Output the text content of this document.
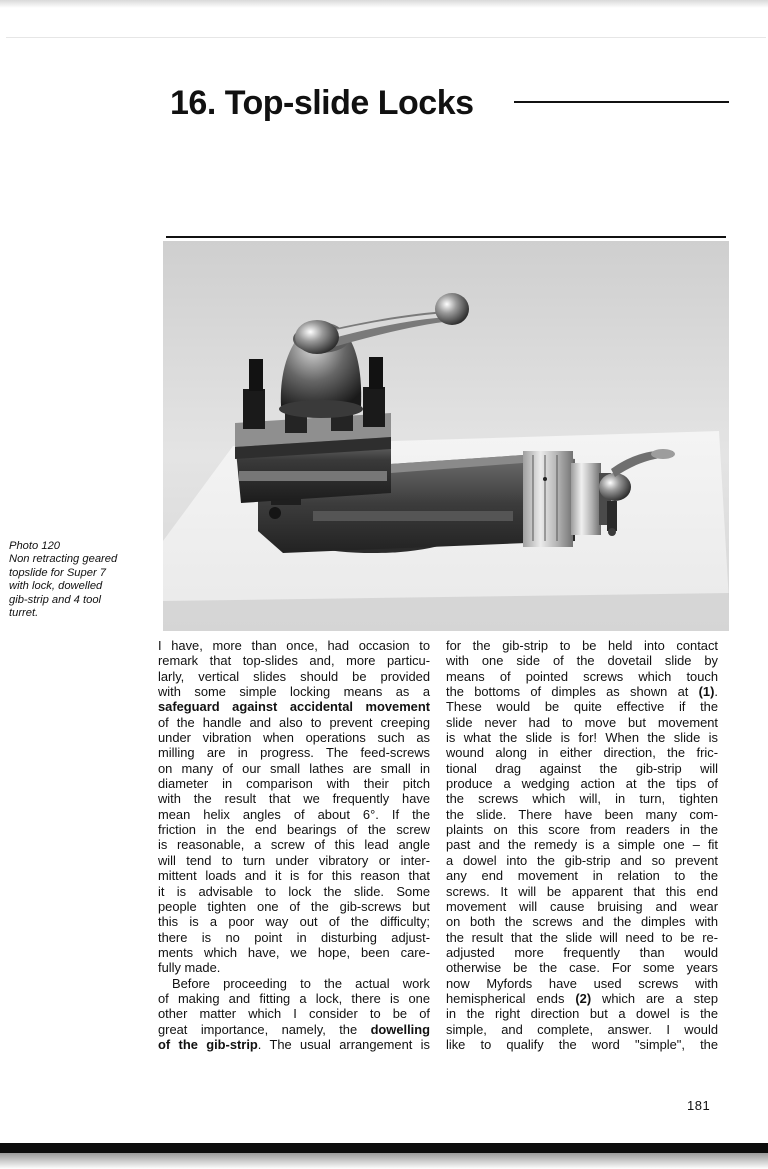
16. Top-slide Locks
Photo 120
Non retracting geared
topslide for Super 7
with lock, dowelled
gib-strip and 4 tool
turret.
I have, more than once, had occasion to
remark that top-slides and, more particu-
larly, vertical slides should be provided
with some simple locking means as a
safeguard against accidental movement
of the handle and also to prevent creeping
under vibration when operations such as
milling are in progress. The feed-screws
on many of our small lathes are small in
diameter in comparison with their pitch
with the result that we frequently have
mean helix angles of about 6°. If the
friction in the end bearings of the screw
is reasonable, a screw of this lead angle
will tend to turn under vibratory or inter-
mittent loads and it is for this reason that
it is advisable to lock the slide. Some
people tighten one of the gib-screws but
this is a poor way out of the difficulty;
there is no point in disturbing adjust-
ments which have, we hope, been care-
fully made.
Before proceeding to the actual work
of making and fitting a lock, there is one
other matter which I consider to be of
great importance, namely, the dowelling
of the gib-strip. The usual arrangement is
for the gib-strip to be held into contact
with one side of the dovetail slide by
means of pointed screws which touch
the bottoms of dimples as shown at (1).
These would be quite effective if the
slide never had to move but movement
is what the slide is for! When the slide is
wound along in either direction, the fric-
tional drag against the gib-strip will
produce a wedging action at the tips of
the screws which will, in turn, tighten
the slide. There have been many com-
plaints on this score from readers in the
past and the remedy is a simple one – fit
a dowel into the gib-strip and so prevent
any end movement in relation to the
screws. It will be apparent that this end
movement will cause bruising and wear
on both the screws and the dimples with
the result that the slide will need to be re-
adjusted more frequently than would
otherwise be the case. For some years
now Myfords have used screws with
hemispherical ends (2) which are a step
in the right direction but a dowel is the
simple, and complete, answer. I would
like to qualify the word "simple", the
181
